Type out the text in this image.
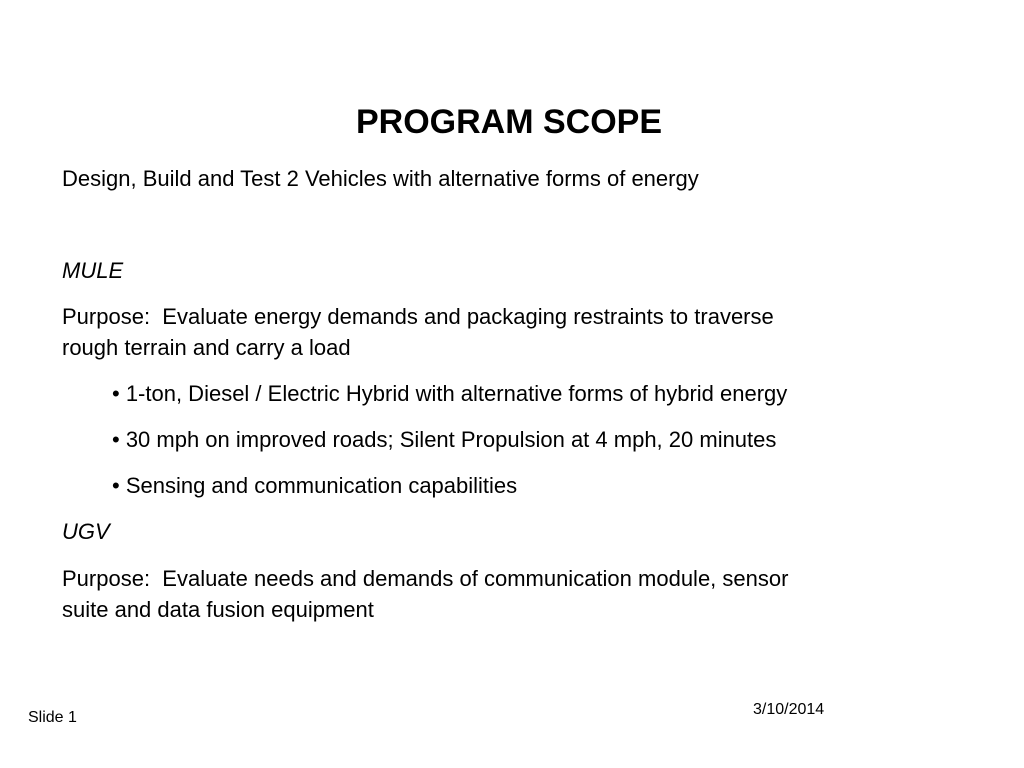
PROGRAM SCOPE
Design, Build and Test 2 Vehicles with alternative forms of energy
MULE
Purpose:  Evaluate energy demands and packaging restraints to traverse
rough terrain and carry a load
• 1-ton, Diesel / Electric Hybrid with alternative forms of hybrid energy
• 30 mph on improved roads; Silent Propulsion at 4 mph, 20 minutes
• Sensing and communication capabilities
UGV
Purpose:  Evaluate needs and demands of communication module, sensor
suite and data fusion equipment
3/10/2014
Slide 1
